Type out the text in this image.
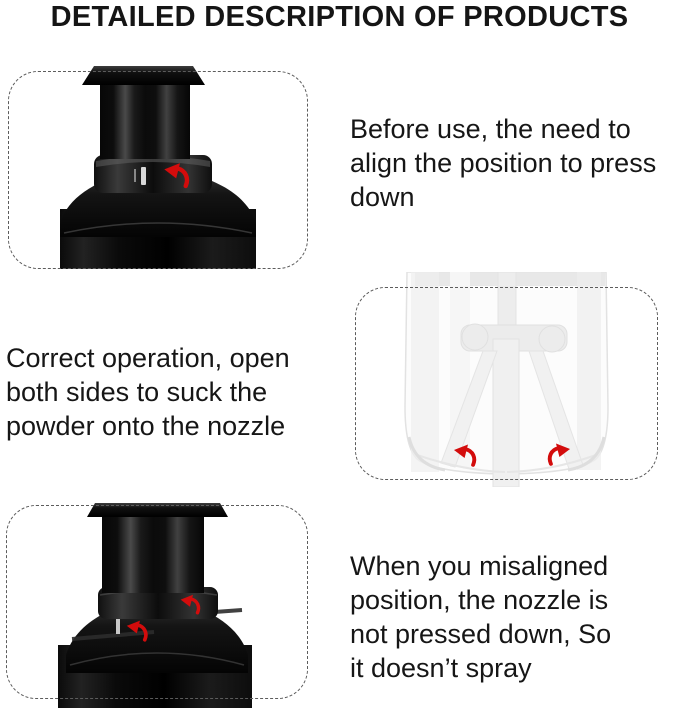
DETAILED DESCRIPTION OF PRODUCTS
Before use, the need to
align the position to press
down
Correct operation, open
both sides to suck the
powder onto the nozzle
When you misaligned
position, the nozzle is
not pressed down, So
it doesn’t spray
